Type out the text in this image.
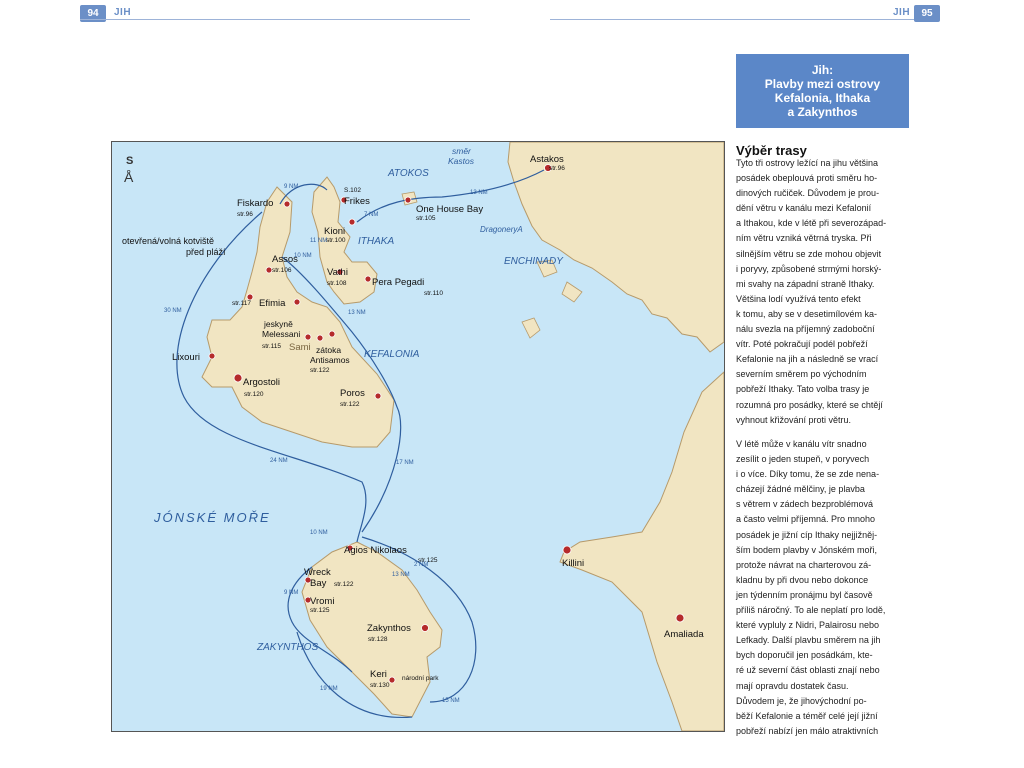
94	JIH	JIH	95
S
Å
Fiskardo
str.96
S.102
Frikes
Kioni
str.100
One House Bay
str.105
Astakos
str.96
otevřená/volná kotviště
před pláží
Assos
str.106	Vathi
str.108	Pera Pegadi
str.110
str.117 Efimia
jeskyně
Melessani
str.115 Sami zátoka
Antisamos
str.122
Lixouri
Argostoli
str.120	Poros
str.122
Agios Nikolaos
str.125
Wreck
Bay str.122
Vromi
str.125
Zakynthos
str.128
Keri
str.130
národní park
Killini
Amaliada
ATOKOS
směr
Kastos
ITHAKA
DragoneryA
ENCHINADY
KEFALONIA
ZAKYNTHOS
JÓNSKÉ MOŘE
9 NM
7 NM
13 NM
11 NM
10 NM
13 NM
30 NM
24 NM	17 NM
10 NM
13 NM
9 NM
19 NM
15 NM
2 NM
Jih:
Plavby mezi ostrovy
Kefalonia, Ithaka
a Zakynthos
Výběr trasy

Tyto tři ostrovy ležící na jihu většina

posádek obeplouvá proti směru ho-

dinových ručiček. Důvodem je prou-

dění větru v kanálu mezi Kefalonií

a Ithakou, kde v létě při severozápad-

ním větru vzniká větrná tryska. Při

silnějším větru se zde mohou objevit

i poryvy, způsobené strmými horský-

mi svahy na západní straně Ithaky.

Většina lodí využívá tento efekt

k tomu, aby se v desetimílovém ka-

nálu svezla na příjemný zadoboční

vítr. Poté pokračují podél pobřeží

Kefalonie na jih a následně se vrací

severním směrem po východním

pobřeží Ithaky. Tato volba trasy je

rozumná pro posádky, které se chtějí

vyhnout křižování proti větru.

V létě může v kanálu vítr snadno

zesílit o jeden stupeň, v poryvech

i o více. Díky tomu, že se zde nena-

cházejí žádné mělčiny, je plavba

s větrem v zádech bezproblémová

a často velmi příjemná. Pro mnoho

posádek je jižní cíp Ithaky nejjižněj-

ším bodem plavby v Jónském moři,

protože návrat na charterovou zá-

kladnu by při dvou nebo dokonce

jen týdenním pronájmu byl časově

příliš náročný. To ale neplatí pro lodě,

které vypluly z Nidri, Palairosu nebo

Lefkady. Další plavbu směrem na jih

bych doporučil jen posádkám, kte-

ré už severní část oblasti znají nebo

mají opravdu dostatek času.

Důvodem je, že jihovýchodní po-

běží Kefalonie a téměř celé její jižní

pobřeží nabízí jen málo atraktivních
